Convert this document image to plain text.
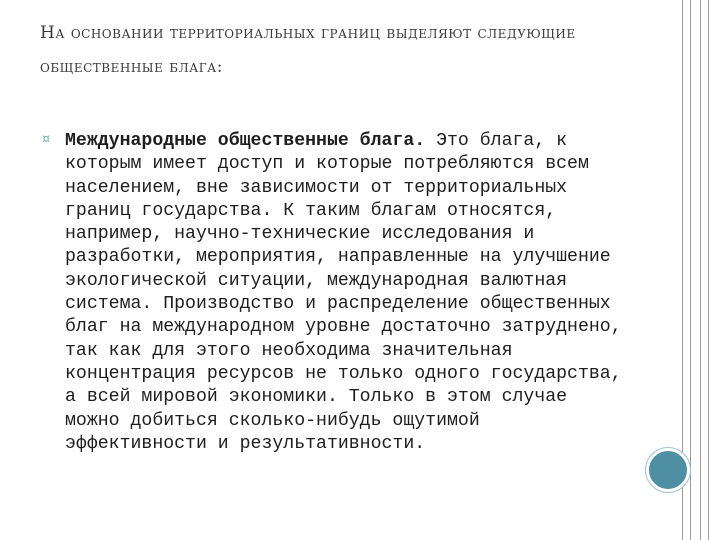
На основании территориальных границ выделяют следующие общественные блага:
¤ Международные общественные блага. Это блага, к которым имеет доступ и которые потребляются всем населением, вне зависимости от территориальных границ государства. К таким благам относятся, например, научно-технические исследования и разработки, мероприятия, направленные на улучшение экологической ситуации, международная валютная система. Производство и распределение общественных благ на международном уровне достаточно затруднено, так как для этого необходима значительная концентрация ресурсов не только одного государства, а всей мировой экономики. Только в этом случае можно добиться сколько-нибудь ощутимой эффективности и результативности.
